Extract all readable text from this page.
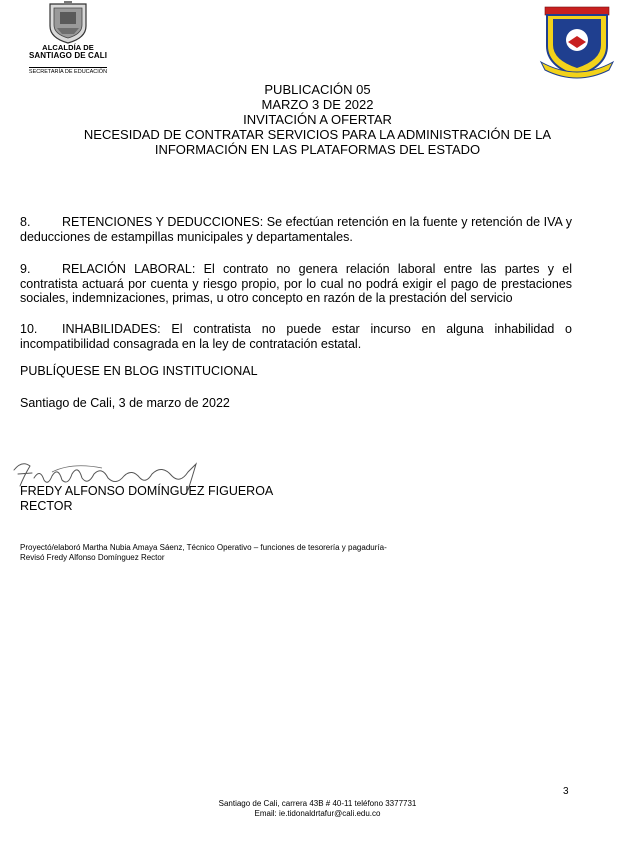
ALCALDÍA DE
SANTIAGO DE CALI
SECRETARÍA DE EDUCACIÓN
PUBLICACIÓN 05
MARZO 3 DE 2022
INVITACIÓN A OFERTAR
NECESIDAD DE CONTRATAR SERVICIOS PARA LA ADMINISTRACIÓN DE LA
INFORMACIÓN EN LAS PLATAFORMAS DEL ESTADO
8.	RETENCIONES Y DEDUCCIONES: Se efectúan retención en la fuente y retención de IVA y deducciones de estampillas municipales y departamentales.
9.	RELACIÓN LABORAL: El contrato no genera relación laboral entre las partes y el contratista actuará por cuenta y riesgo propio, por lo cual no podrá exigir el pago de prestaciones sociales, indemnizaciones, primas, u otro concepto en razón de la prestación del servicio
10. INHABILIDADES: El contratista no puede estar incurso en alguna inhabilidad o incompatibilidad consagrada en la ley de contratación estatal.
PUBLÍQUESE EN BLOG INSTITUCIONAL
Santiago de Cali, 3 de marzo de 2022
FREDY ALFONSO DOMÍNGUEZ FIGUEROA
RECTOR
Proyectó/elaboró Martha Nubia Amaya Sáenz, Técnico Operativo – funciones de tesorería y pagaduría-
Revisó Fredy Alfonso Domínguez Rector
3
Santiago de Cali, carrera 43B # 40-11 teléfono 3377731
Email: ie.tidonaldrtafur@cali.edu.co
